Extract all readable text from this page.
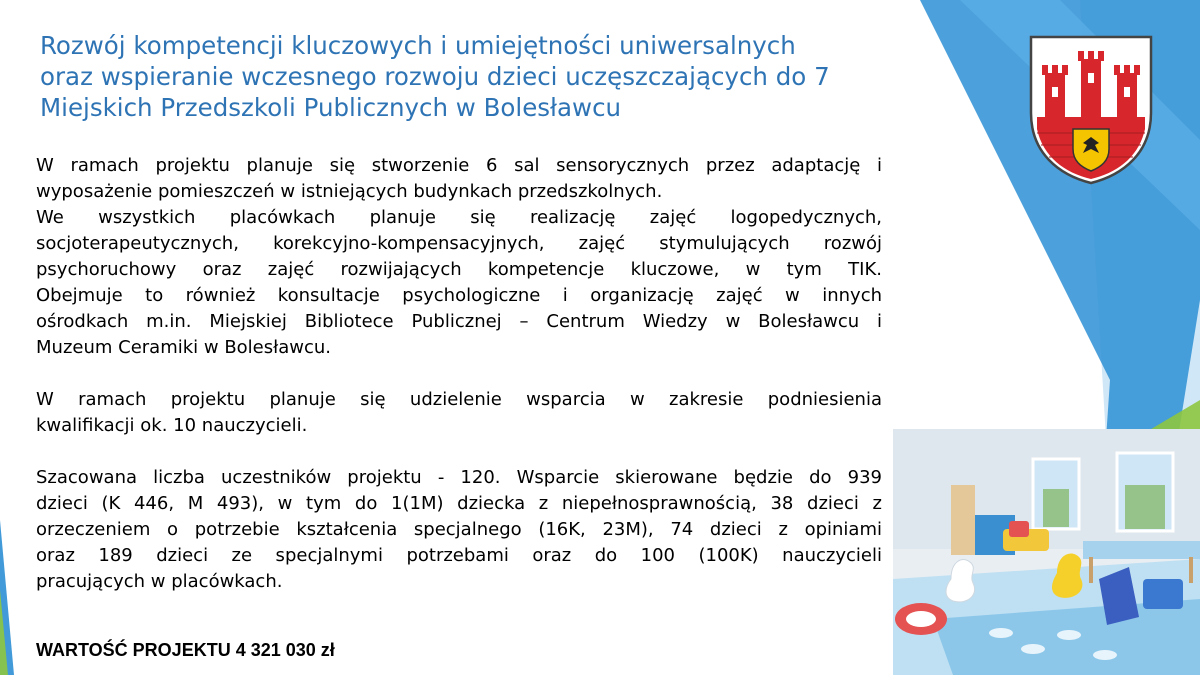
Rozwój kompetencji kluczowych i umiejętności uniwersalnych
oraz wspieranie wczesnego rozwoju dzieci uczęszczających do 7
Miejskich Przedszkoli Publicznych w Bolesławcu
W ramach projektu planuje się stworzenie 6 sal sensorycznych przez adaptację i
wyposażenie pomieszczeń w istniejących budynkach przedszkolnych.
We wszystkich placówkach planuje się realizację zajęć logopedycznych,
socjoterapeutycznych, korekcyjno-kompensacyjnych, zajęć stymulujących rozwój
psychoruchowy oraz zajęć rozwijających kompetencje kluczowe, w tym TIK.
Obejmuje to również konsultacje psychologiczne i organizację zajęć w innych
ośrodkach m.in. Miejskiej Bibliotece Publicznej – Centrum Wiedzy w Bolesławcu i
Muzeum Ceramiki w Bolesławcu.
W ramach projektu planuje się udzielenie wsparcia w zakresie podniesienia
kwalifikacji ok. 10 nauczycieli.
Szacowana liczba uczestników projektu - 120. Wsparcie skierowane będzie do 939
dzieci (K 446, M 493), w tym do 1(1M) dziecka z niepełnosprawnością, 38 dzieci z
orzeczeniem o potrzebie kształcenia specjalnego (16K, 23M), 74 dzieci z opiniami
oraz 189 dzieci ze specjalnymi potrzebami oraz do 100 (100K) nauczycieli
pracujących w placówkach.
WARTOŚĆ PROJEKTU 4 321 030 zł
